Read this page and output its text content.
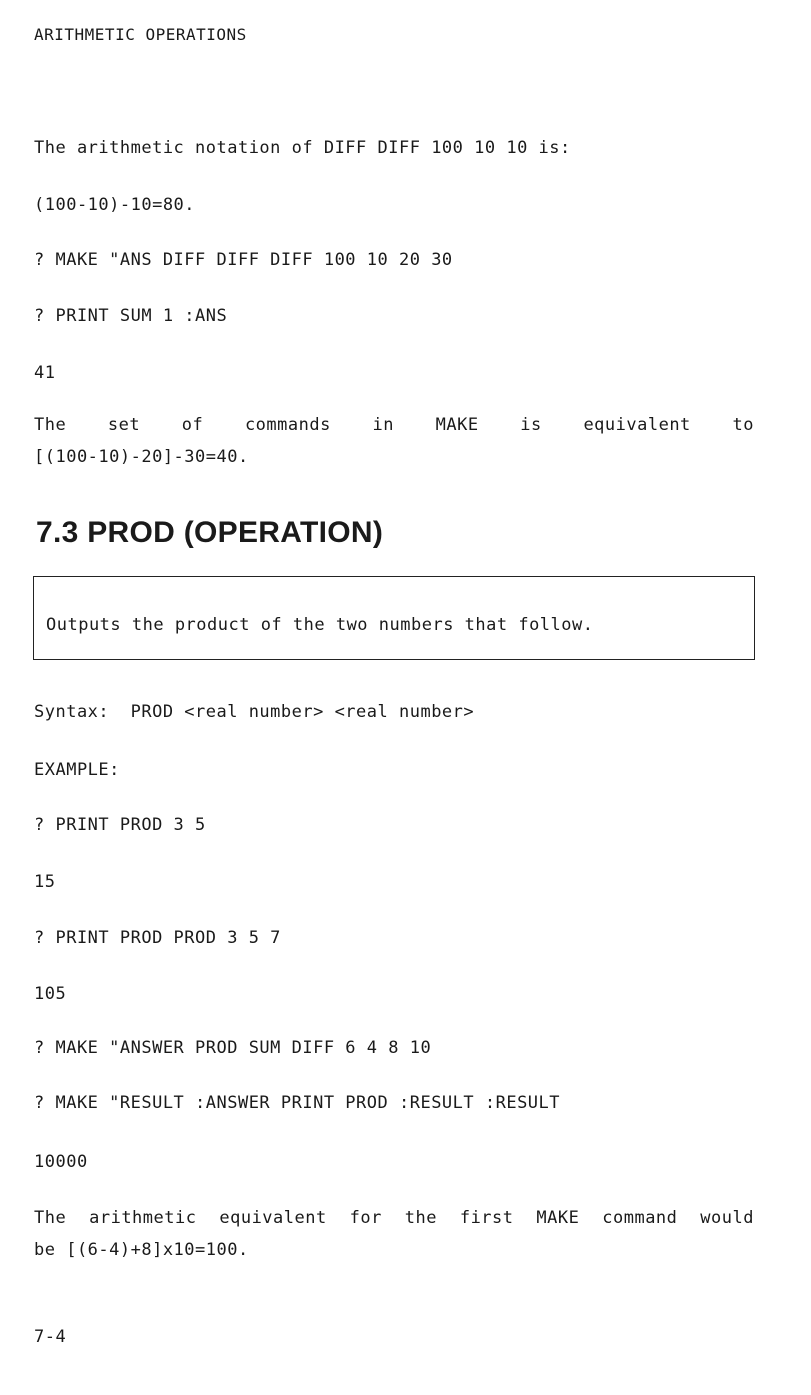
ARITHMETIC OPERATIONS
The arithmetic notation of DIFF DIFF 100 10 10 is:
(100-10)-10=80.
? MAKE "ANS DIFF DIFF DIFF 100 10 20 30
? PRINT SUM 1 :ANS
41
The set of commands in MAKE is equivalent to
[(100-10)-20]-30=40.
7.3 PROD (OPERATION)
Outputs the product of the two numbers that follow.
Syntax:  PROD <real number> <real number>
EXAMPLE:
? PRINT PROD 3 5
15
? PRINT PROD PROD 3 5 7
105
? MAKE "ANSWER PROD SUM DIFF 6 4 8 10
? MAKE "RESULT :ANSWER PRINT PROD :RESULT :RESULT
10000
The arithmetic equivalent for the first MAKE command would
be [(6-4)+8]x10=100.
7-4
